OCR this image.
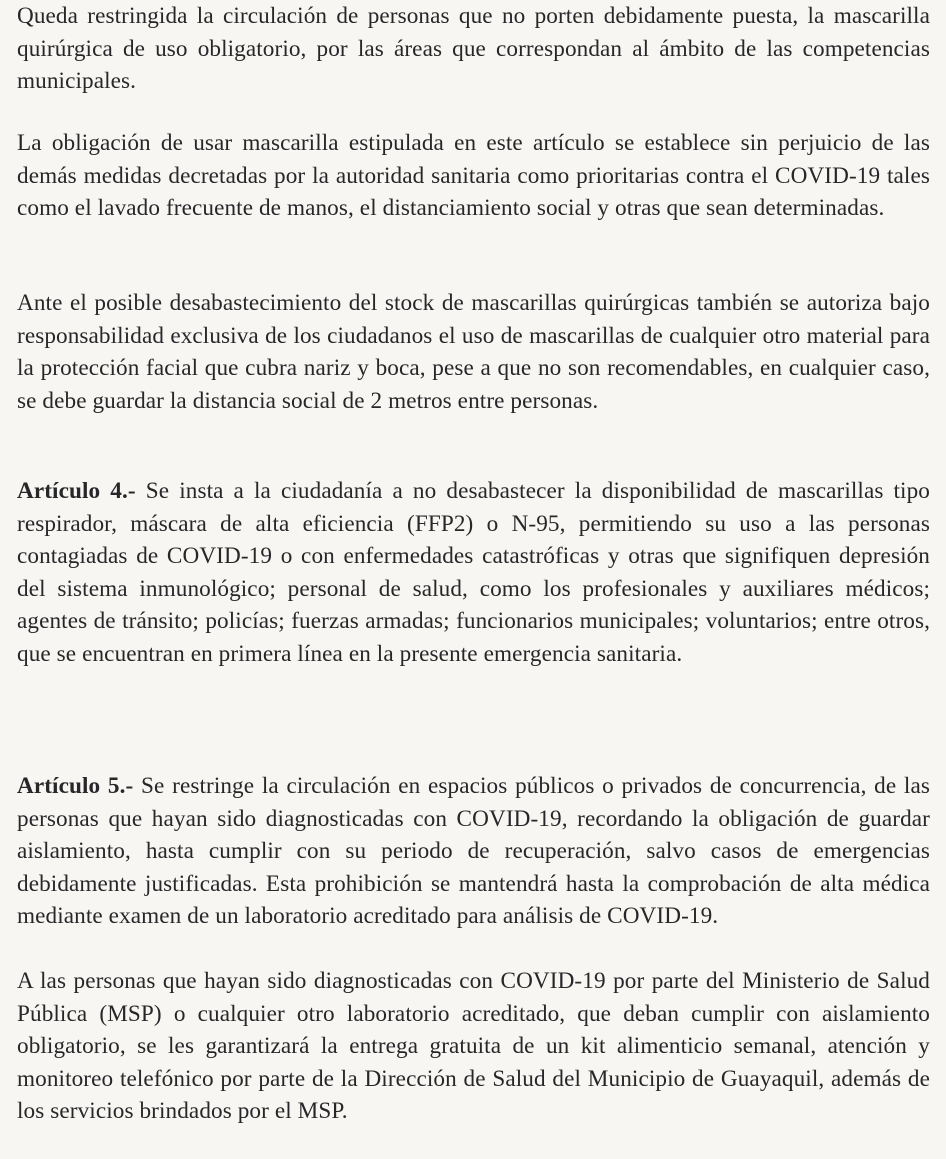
Queda restringida la circulación de personas que no porten debidamente puesta, la mascarilla quirúrgica de uso obligatorio, por las áreas que correspondan al ámbito de las competencias municipales.

La obligación de usar mascarilla estipulada en este artículo se establece sin perjuicio de las demás medidas decretadas por la autoridad sanitaria como prioritarias contra el COVID-19 tales como el lavado frecuente de manos, el distanciamiento social y otras que sean determinadas.

Ante el posible desabastecimiento del stock de mascarillas quirúrgicas también se autoriza bajo responsabilidad exclusiva de los ciudadanos el uso de mascarillas de cualquier otro material para la protección facial que cubra nariz y boca, pese a que no son recomendables, en cualquier caso, se debe guardar la distancia social de 2 metros entre personas.

Artículo 4.- Se insta a la ciudadanía a no desabastecer la disponibilidad de mascarillas tipo respirador, máscara de alta eficiencia (FFP2) o N-95, permitiendo su uso a las personas contagiadas de COVID-19 o con enfermedades catastróficas y otras que signifiquen depresión del sistema inmunológico; personal de salud, como los profesionales y auxiliares médicos; agentes de tránsito; policías; fuerzas armadas; funcionarios municipales; voluntarios; entre otros, que se encuentran en primera línea en la presente emergencia sanitaria.

Artículo 5.- Se restringe la circulación en espacios públicos o privados de concurrencia, de las personas que hayan sido diagnosticadas con COVID-19, recordando la obligación de guardar aislamiento, hasta cumplir con su periodo de recuperación, salvo casos de emergencias debidamente justificadas. Esta prohibición se mantendrá hasta la comprobación de alta médica mediante examen de un laboratorio acreditado para análisis de COVID-19.

A las personas que hayan sido diagnosticadas con COVID-19 por parte del Ministerio de Salud Pública (MSP) o cualquier otro laboratorio acreditado, que deban cumplir con aislamiento obligatorio, se les garantizará la entrega gratuita de un kit alimenticio semanal, atención y monitoreo telefónico por parte de la Dirección de Salud del Municipio de Guayaquil, además de los servicios brindados por el MSP.
